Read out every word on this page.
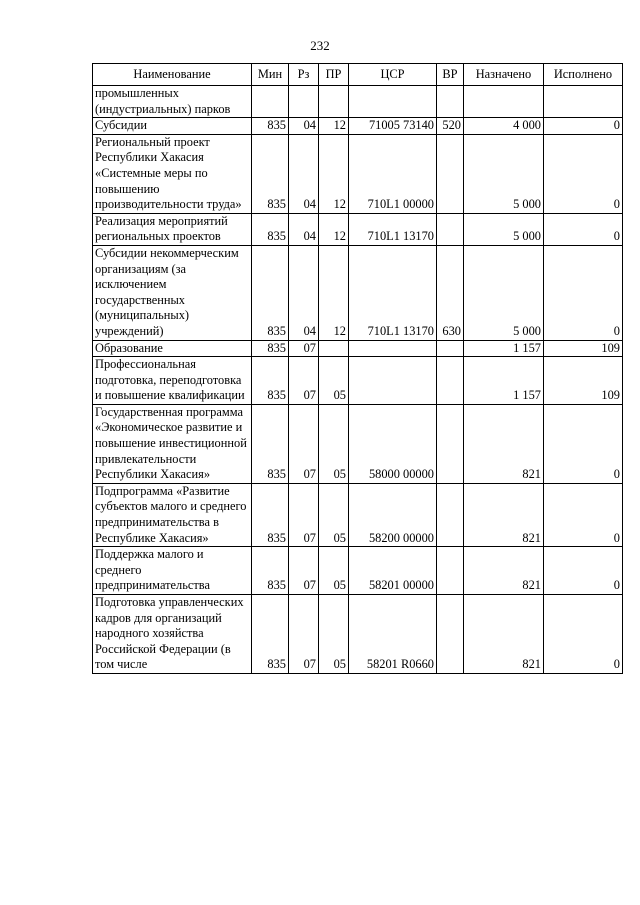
232
Наименование	Мин	Рз	ПР	ЦСР	ВР	Назначено	Исполнено
промышленных (индустриальных) парков							
Субсидии	835	04	12	71005 73140	520	4 000	0
Региональный проект Республики Хакасия «Системные меры по повышению производительности труда»	835	04	12	710L1 00000		5 000	0
Реализация мероприятий региональных проектов	835	04	12	710L1 13170		5 000	0
Субсидии некоммерческим организациям (за исключением государственных (муниципальных) учреждений)	835	04	12	710L1 13170	630	5 000	0
Образование	835	07				1 157	109
Профессиональная подготовка, переподготовка и повышение квалификации	835	07	05			1 157	109
Государственная программа «Экономическое развитие и повышение инвестиционной привлекательности Республики Хакасия»	835	07	05	58000 00000		821	0
Подпрограмма «Развитие субъектов малого и среднего предпринимательства в Республике Хакасия»	835	07	05	58200 00000		821	0
Поддержка малого и среднего предпринимательства	835	07	05	58201 00000		821	0
Подготовка управленческих кадров для организаций народного хозяйства Российской Федерации (в том числе	835	07	05	58201 R0660		821	0
